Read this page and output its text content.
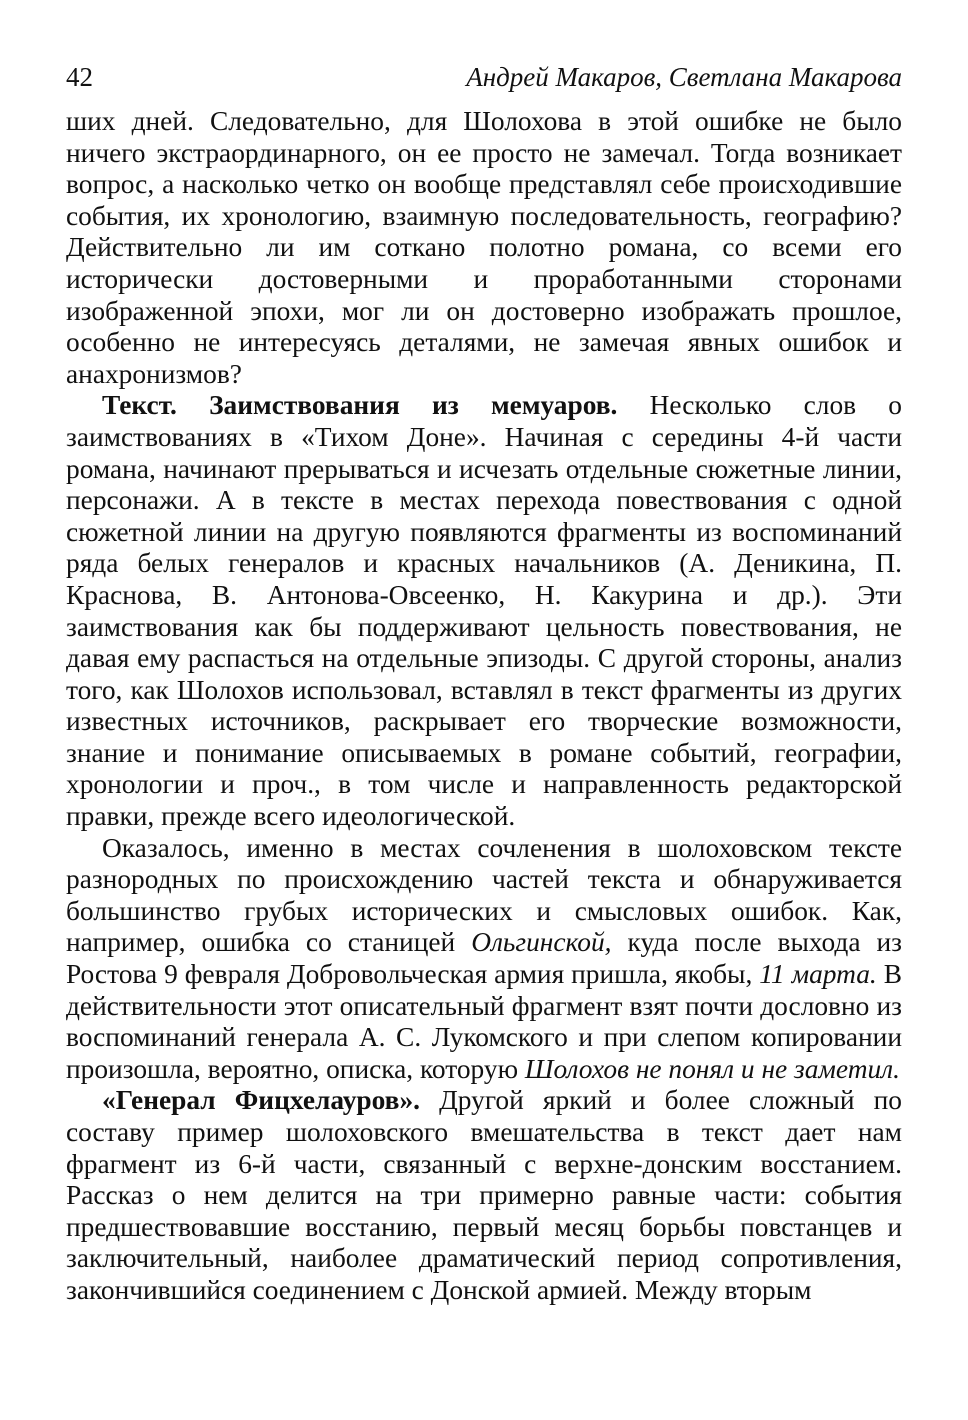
42	Андрей Макаров, Светлана Макарова

ших дней. Следовательно, для Шолохова в этой ошибке не было ничего экстраординарного, он ее просто не замечал. Тогда возникает вопрос, а насколько четко он вообще представлял себе происходившие события, их хронологию, взаимную последовательность, географию? Действительно ли им соткано полотно романа, со всеми его исторически достоверными и проработанными сторонами изображенной эпохи, мог ли он достоверно изображать прошлое, особенно не интересуясь деталями, не замечая явных ошибок и анахронизмов?

Текст. Заимствования из мемуаров. Несколько слов о заимствованиях в «Тихом Доне». Начиная с середины 4-й части романа, начинают прерываться и исчезать отдельные сюжетные линии, персонажи. А в тексте в местах перехода повествования с одной сюжетной линии на другую появляются фрагменты из воспоминаний ряда белых генералов и красных начальников (А. Деникина, П. Краснова, В. Антонова-Овсеенко, Н. Какурина и др.). Эти заимствования как бы поддерживают цельность повествования, не давая ему распасться на отдельные эпизоды. С другой стороны, анализ того, как Шолохов использовал, вставлял в текст фрагменты из других известных источников, раскрывает его творческие возможности, знание и понимание описываемых в романе событий, географии, хронологии и проч., в том числе и направленность редакторской правки, прежде всего идеологической.

Оказалось, именно в местах сочленения в шолоховском тексте разнородных по происхождению частей текста и обнаруживается большинство грубых исторических и смысловых ошибок. Как, например, ошибка со станицей Ольгинской, куда после выхода из Ростова 9 февраля Добровольческая армия пришла, якобы, 11 марта. В действительности этот описательный фрагмент взят почти дословно из воспоминаний генерала А. С. Лукомского и при слепом копировании произошла, вероятно, описка, которую Шолохов не понял и не заметил.

«Генерал Фицхелауров». Другой яркий и более сложный по составу пример шолоховского вмешательства в текст дает нам фрагмент из 6-й части, связанный с верхне-донским восстанием. Рассказ о нем делится на три примерно равные части: события предшествовавшие восстанию, первый месяц борьбы повстанцев и заключительный, наиболее драматический период сопротивления, закончившийся соединением с Донской армией. Между вторым
